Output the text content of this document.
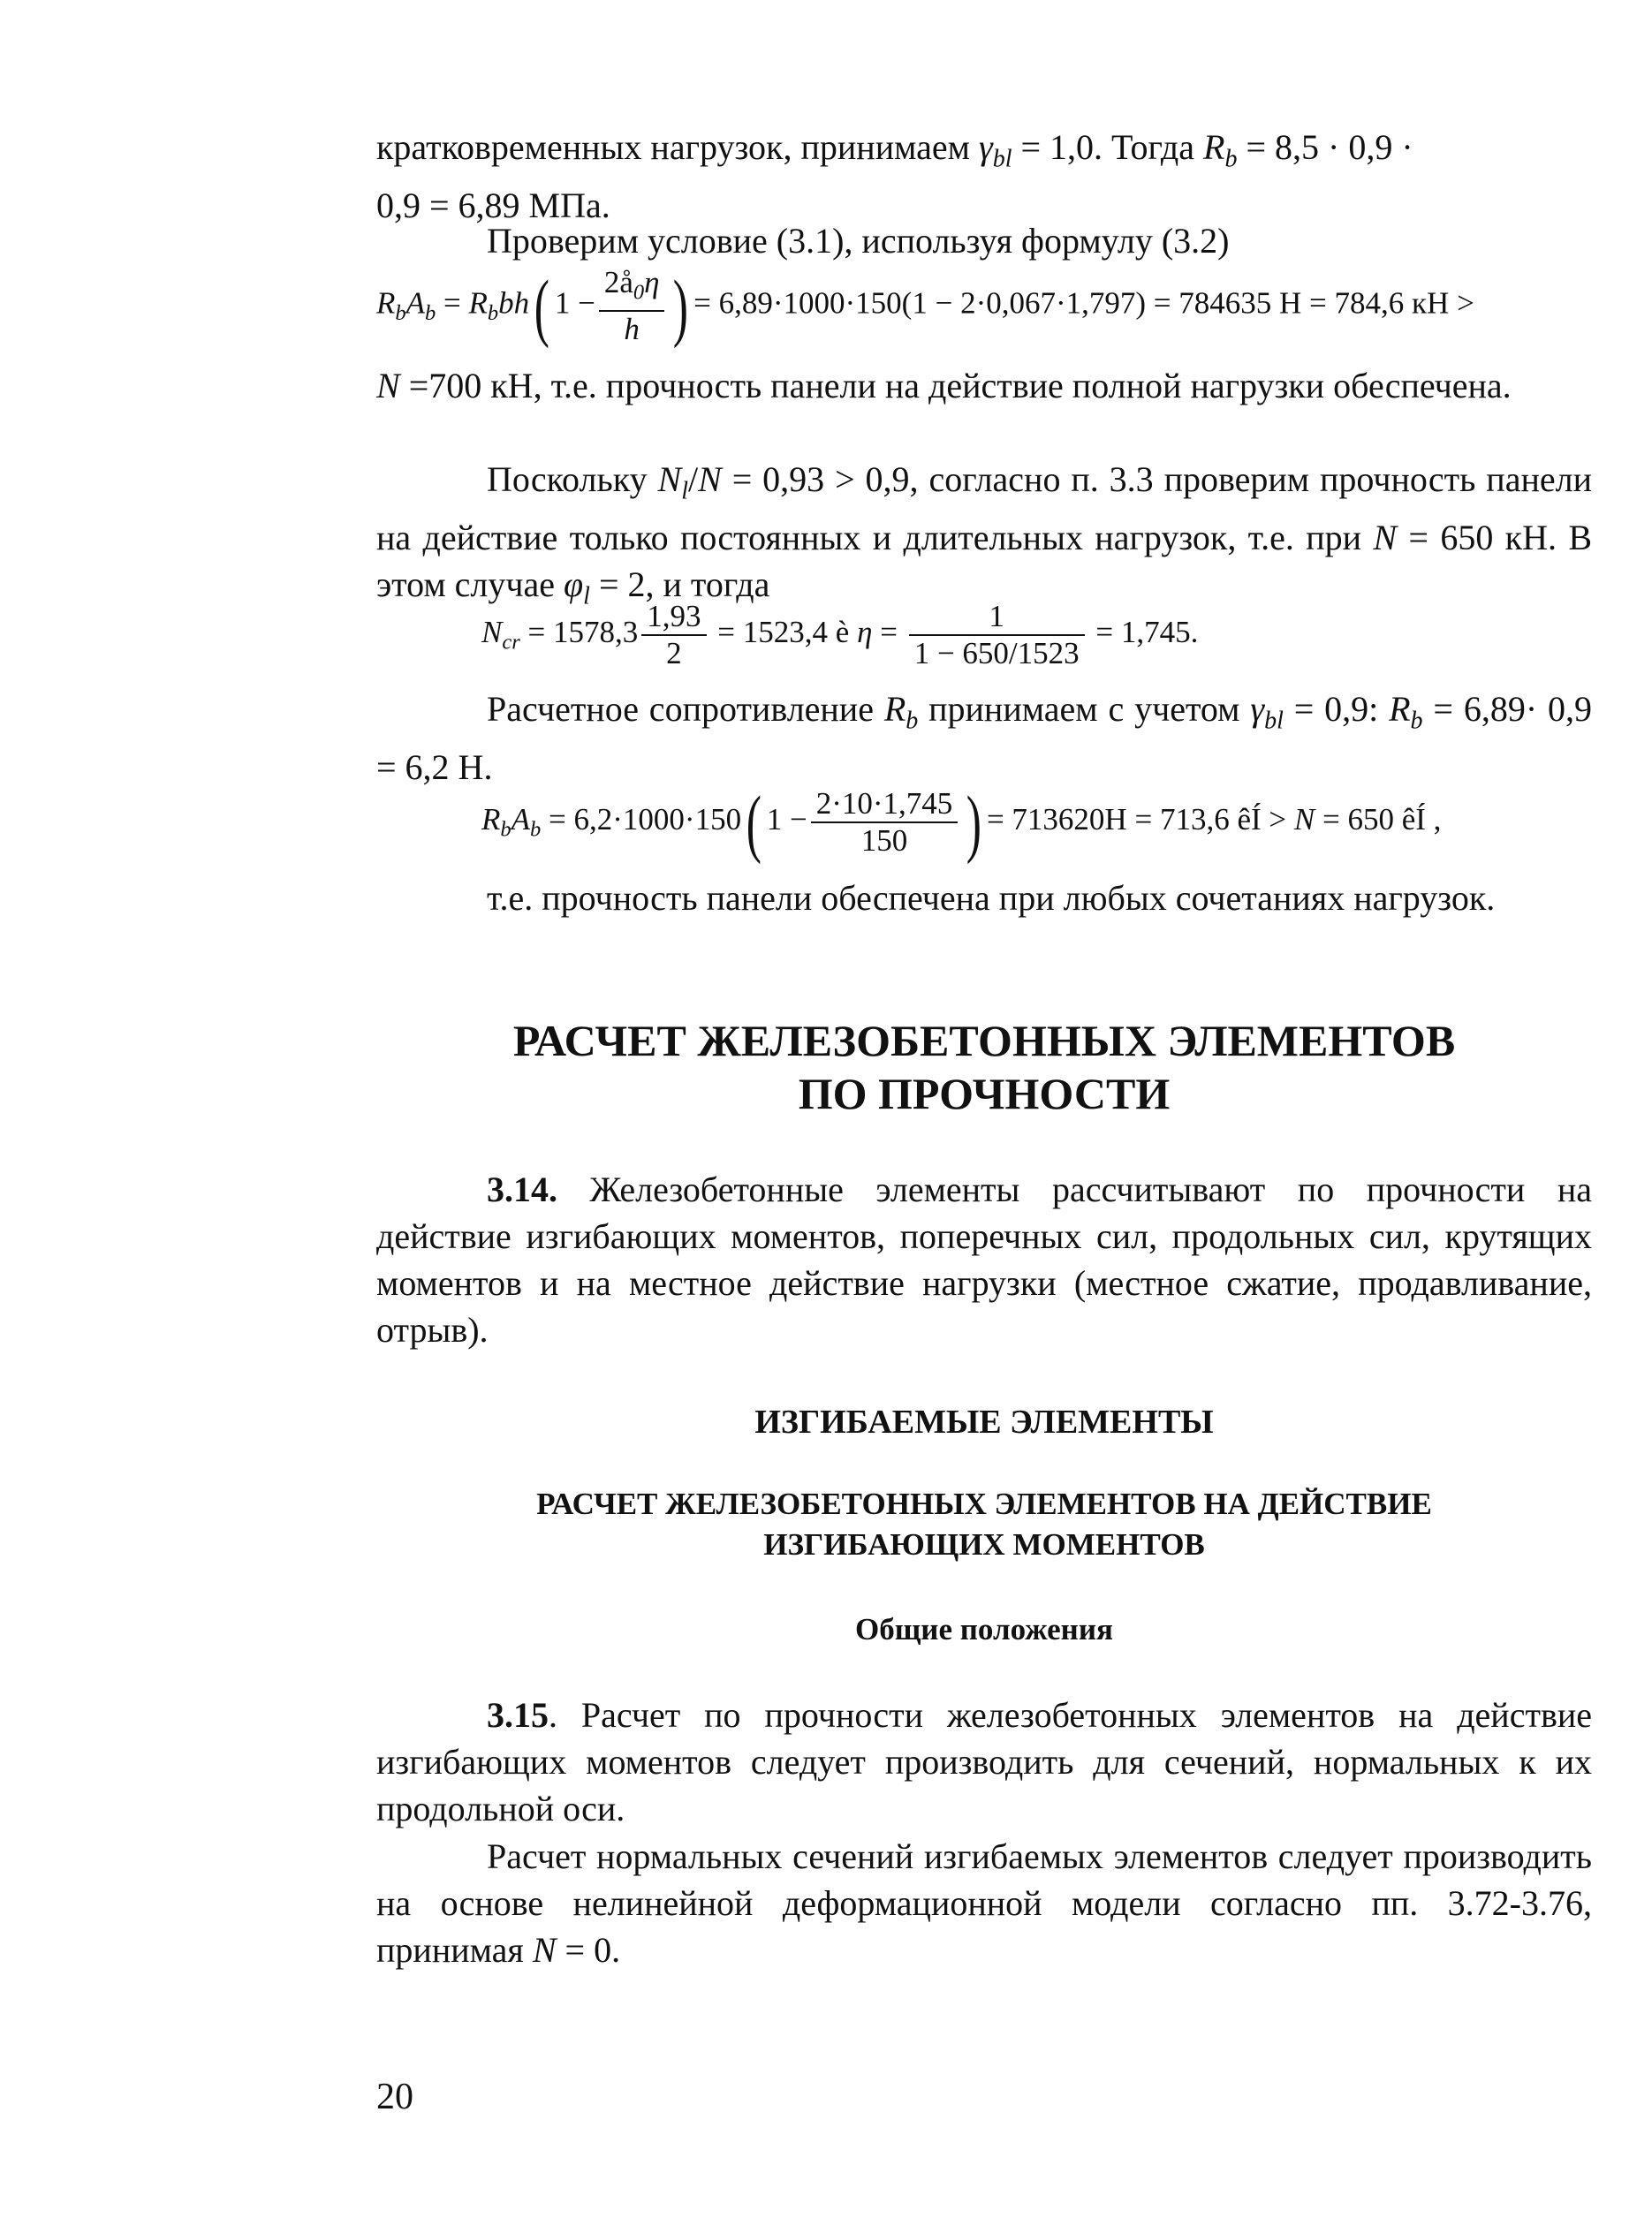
кратковременных нагрузок, принимаем $\gamma_{bl} = 1,0$. Тогда $R_b = 8,5 \cdot 0,9$ ·
0,9 = 6,89 МПа.
Проверим условие (3.1), используя формулу (3.2)
$R_bA_b = R_bbh$( $1 - \frac{2å_0\eta}{h}$ ) = 6,89·1000·150(1 − 2·0,067·1,797) = 784635 Н = 784,6 кН >
N =700 кН, т.е. прочность панели на действие полной нагрузки обеспечена.
Поскольку $N_l/N = 0,93 > 0,9$, согласно п. 3.3 проверим прочность панели на действие только постоянных и длительных нагрузок, т.е. при N = 650 кН. В этом случае $\varphi_l = 2$, и тогда
$N_{cr} = 1578,3 \frac{1,93}{2} = 1523,4$ è $\eta = \frac{1}{1 - 650/1523} = 1,745$.
Расчетное сопротивление $R_b$ принимаем с учетом $\gamma_{bl} = 0,9$: $R_b = 6,89\cdot 0,9 = 6,2$ Н.
$R_bA_b = 6,2\cdot 1000\cdot 150$( $1 - \frac{2\cdot 10\cdot 1,745}{150}$ ) = 713620Н = 713,6 êÍ > N = 650 êÍ ,
т.е. прочность панели обеспечена при любых сочетаниях нагрузок.
РАСЧЕТ ЖЕЛЕЗОБЕТОННЫХ ЭЛЕМЕНТОВ
ПО ПРОЧНОСТИ
3.14. Железобетонные элементы рассчитывают по прочности на действие изгибающих моментов, поперечных сил, продольных сил, крутящих моментов и на местное действие нагрузки (местное сжатие, продавливание, отрыв).
ИЗГИБАЕМЫЕ ЭЛЕМЕНТЫ
РАСЧЕТ ЖЕЛЕЗОБЕТОННЫХ ЭЛЕМЕНТОВ НА ДЕЙСТВИЕ
ИЗГИБАЮЩИХ МОМЕНТОВ
Общие положения
3.15. Расчет по прочности железобетонных элементов на действие изгибающих моментов следует производить для сечений, нормальных к их продольной оси.
Расчет нормальных сечений изгибаемых элементов следует производить на основе нелинейной деформационной модели согласно пп. 3.72-3.76, принимая N = 0.
20
